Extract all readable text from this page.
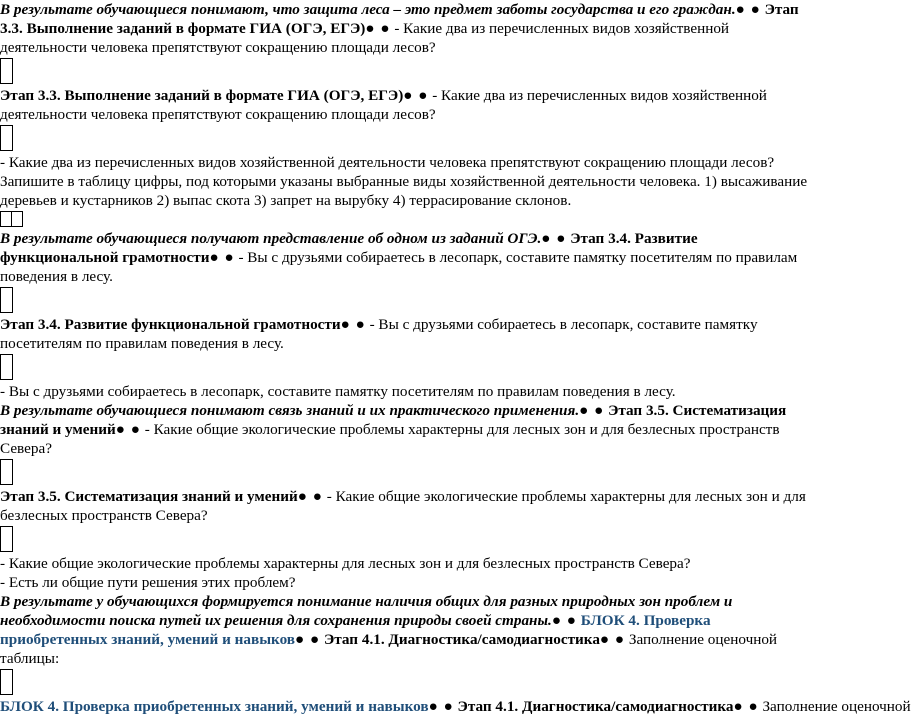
В результате обучающиеся понимают, что защита леса – это предмет заботы государства и его граждан.● ● Этап 3.3. Выполнение заданий в формате ГИА (ОГЭ, ЕГЭ)● ● - Какие два из перечисленных видов хозяйственной деятельности человека препятствуют сокращению площади лесов?

Этап 3.3. Выполнение заданий в формате ГИА (ОГЭ, ЕГЭ)● ● - Какие два из перечисленных видов хозяйственной деятельности человека препятствуют сокращению площади лесов?

- Какие два из перечисленных видов хозяйственной деятельности человека препятствуют сокращению площади лесов?

Запишите в таблицу цифры, под которыми указаны выбранные виды хозяйственной деятельности человека. 1) высаживание деревьев и кустарников 2) выпас скота 3) запрет на вырубку 4) террасирование склонов.

В результате обучающиеся получают представление об одном из заданий ОГЭ.● ● Этап 3.4. Развитие функциональной грамотности● ● - Вы с друзьями собираетесь в лесопарк, составите памятку посетителям по правилам поведения в лесу.

Этап 3.4. Развитие функциональной грамотности● ● - Вы с друзьями собираетесь в лесопарк, составите памятку посетителям по правилам поведения в лесу.

- Вы с друзьями собираетесь в лесопарк, составите памятку посетителям по правилам поведения в лесу.

В результате обучающиеся понимают связь знаний и их практического применения.● ● Этап 3.5. Систематизация знаний и умений● ● - Какие общие экологические проблемы характерны для лесных зон и для безлесных пространств Севера?

Этап 3.5. Систематизация знаний и умений● ● - Какие общие экологические проблемы характерны для лесных зон и для безлесных пространств Севера?

- Какие общие экологические проблемы характерны для лесных зон и для безлесных пространств Севера?

- Есть ли общие пути решения этих проблем?

В результате у обучающихся формируется понимание наличия общих для разных природных зон проблем и необходимости поиска путей их решения для сохранения природы своей страны.● ● БЛОК 4. Проверка приобретенных знаний, умений и навыков● ● Этап 4.1. Диагностика/самодиагностика● ● Заполнение оценочной таблицы:

БЛОК 4. Проверка приобретенных знаний, умений и навыков● ● Этап 4.1. Диагностика/самодиагностика● ● Заполнение оценочной
